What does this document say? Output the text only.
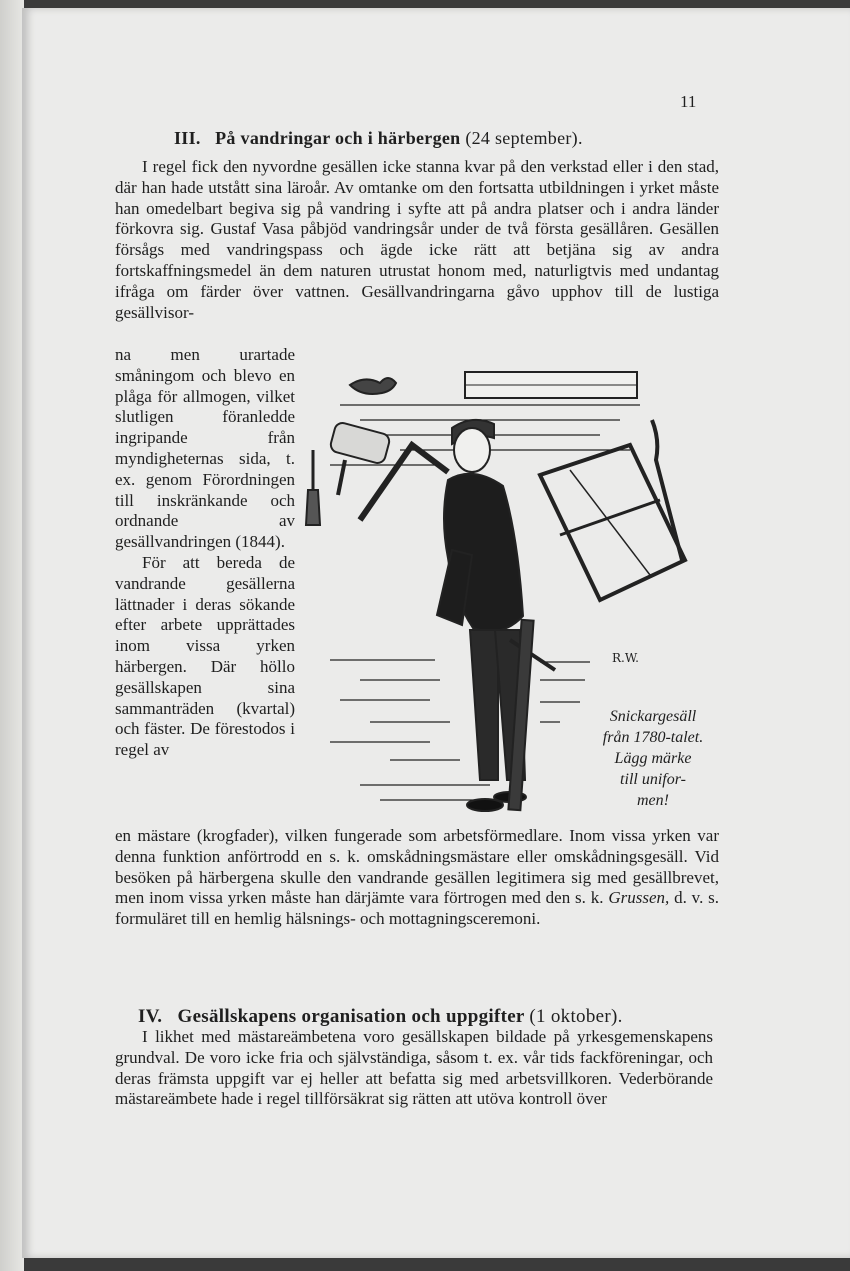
11
III. På vandringar och i härbergen (24 september).

I regel fick den nyvordne gesällen icke stanna kvar på den verkstad eller i den stad, där han hade utstått sina läroår. Av omtanke om den fortsatta utbildningen i yrket måste han omedelbart begiva sig på vandring i syfte att på andra platser och i andra länder förkovra sig. Gustaf Vasa påbjöd vandringsår under de två första gesällåren. Gesällen försågs med vandringspass och ägde icke rätt att betjäna sig av andra fortskaffningsmedel än dem naturen utrustat honom med, naturligtvis med undantag ifråga om färder över vattnen. Gesällvandringarna gåvo upphov till de lustiga gesällvisor-

na men urartade småningom och blevo en plåga för allmogen, vilket slutligen föranledde ingripande från myndigheternas sida, t. ex. genom Förordningen till inskränkande och ordnande av gesällvandringen (1844).

För att bereda de vandrande gesällerna lättnader i deras sökande efter arbete upprättades inom vissa yrken härbergen. Där höllo gesällskapen sina sammanträden (kvartal) och fäster. De förestodos i regel av

R.W.
Snickargesäll
från 1780-talet.
Lägg märke
till unifor-
men!

en mästare (krogfader), vilken fungerade som arbetsförmedlare. Inom vissa yrken var denna funktion anförtrodd en s. k. omskådningsmästare eller omskådningsgesäll. Vid besöken på härbergena skulle den vandrande gesällen legitimera sig med gesällbrevet, men inom vissa yrken måste han därjämte vara förtrogen med den s. k. Grussen, d. v. s. formuläret till en hemlig hälsnings- och mottagningsceremoni.

IV. Gesällskapens organisation och uppgifter (1 oktober).

I likhet med mästareämbetena voro gesällskapen bildade på yrkesgemenskapens grundval. De voro icke fria och självständiga, såsom t. ex. vår tids fackföreningar, och deras främsta uppgift var ej heller att befatta sig med arbetsvillkoren. Vederbörande mästareämbete hade i regel tillförsäkrat sig rätten att utöva kontroll över
